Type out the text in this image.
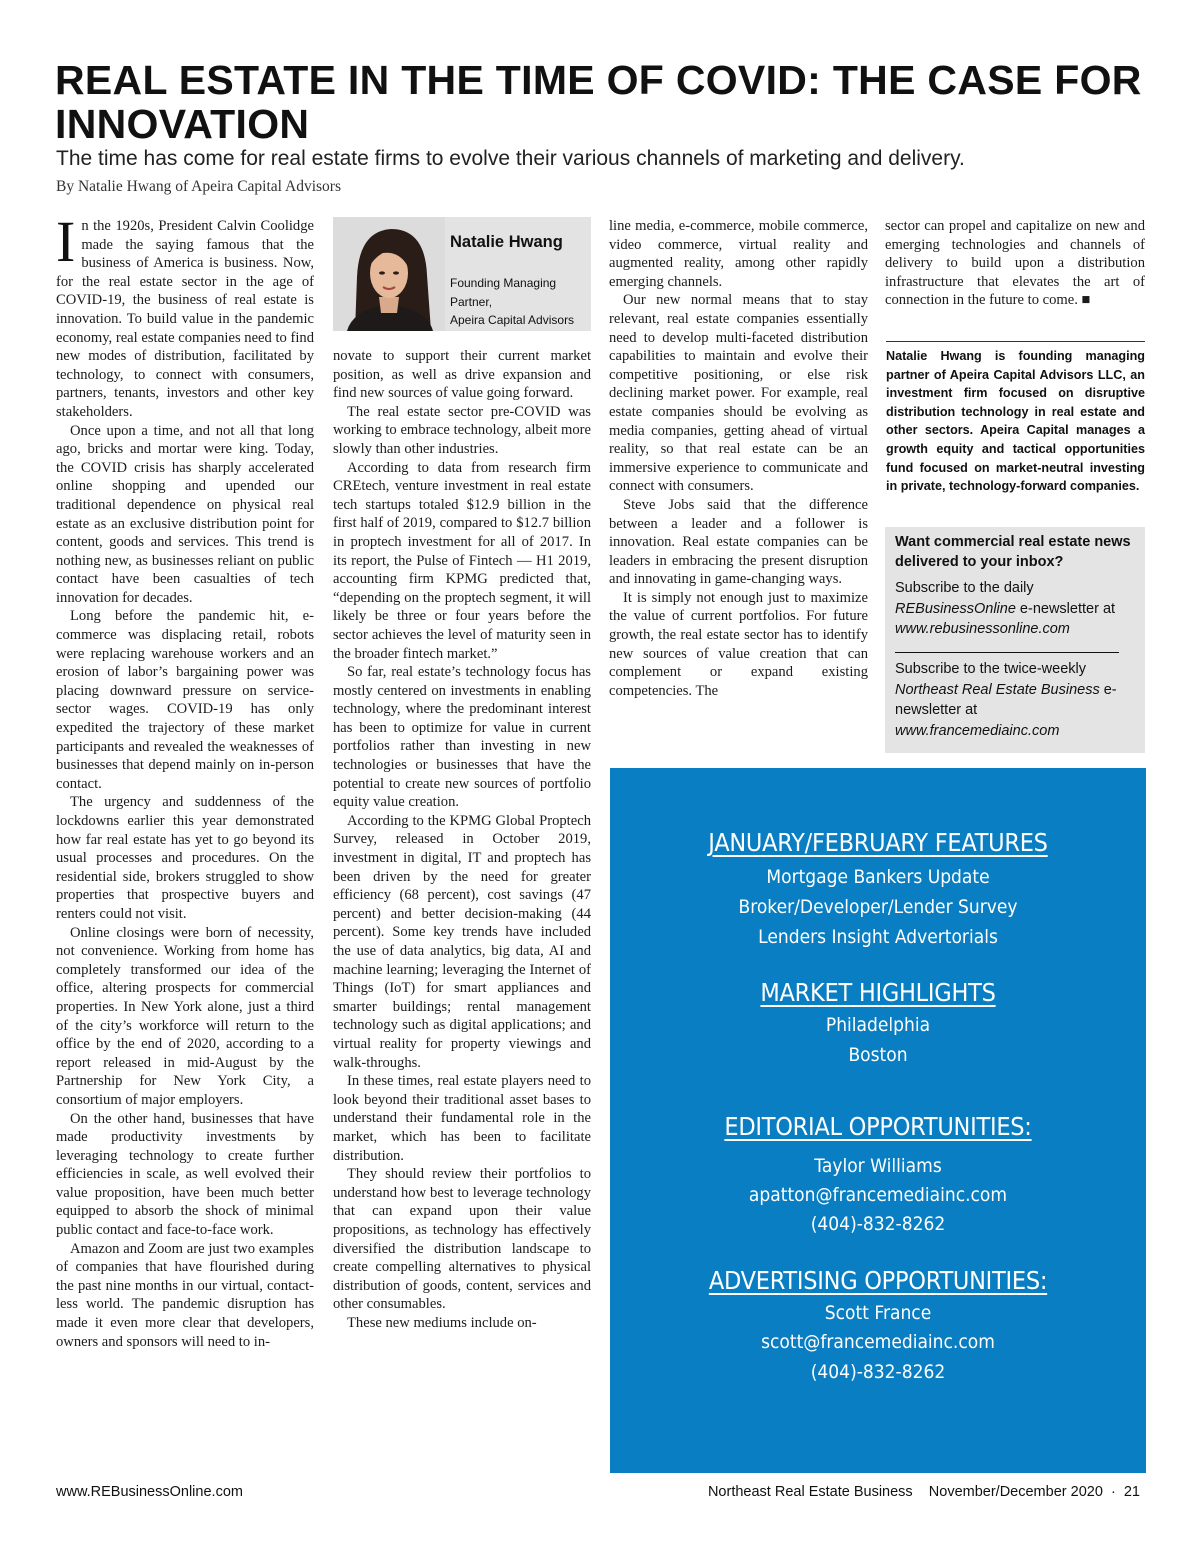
REAL ESTATE IN THE TIME OF COVID: THE CASE FOR INNOVATION
The time has come for real estate firms to evolve their various channels of marketing and delivery.
By Natalie Hwang of Apeira Capital Advisors

In the 1920s, President Calvin Coolidge made the saying famous that the business of America is business. Now, for the real estate sector in the age of COVID-19, the business of real estate is innovation. To build value in the pandemic economy, real estate companies need to find new modes of distribution, facilitated by technology, to connect with consumers, partners, tenants, investors and other key stakeholders.

Once upon a time, and not all that long ago, bricks and mortar were king. Today, the COVID crisis has sharply accelerated online shopping and upended our traditional dependence on physical real estate as an exclusive distribution point for content, goods and services. This trend is nothing new, as businesses reliant on public contact have been casualties of tech innovation for decades.

Long before the pandemic hit, e-commerce was displacing retail, robots were replacing warehouse workers and an erosion of labor’s bargaining power was placing downward pressure on service-sector wages. COVID-19 has only expedited the trajectory of these market participants and revealed the weaknesses of businesses that depend mainly on in-person contact.

The urgency and suddenness of the lockdowns earlier this year demonstrated how far real estate has yet to go beyond its usual processes and procedures. On the residential side, brokers struggled to show properties that prospective buyers and renters could not visit.

Online closings were born of necessity, not convenience. Working from home has completely transformed our idea of the office, altering prospects for commercial properties. In New York alone, just a third of the city’s workforce will return to the office by the end of 2020, according to a report released in mid-August by the Partnership for New York City, a consortium of major employers.

On the other hand, businesses that have made productivity investments by leveraging technology to create further efficiencies in scale, as well evolved their value proposition, have been much better equipped to absorb the shock of minimal public contact and face-to-face work.

Amazon and Zoom are just two examples of companies that have flourished during the past nine months in our virtual, contact-less world. The pandemic disruption has made it even more clear that developers, owners and sponsors will need to in-

Natalie Hwang
Founding Managing
Partner,
Apeira Capital Advisors

novate to support their current market position, as well as drive expansion and find new sources of value going forward.

The real estate sector pre-COVID was working to embrace technology, albeit more slowly than other industries.

According to data from research firm CREtech, venture investment in real estate tech startups totaled $12.9 billion in the first half of 2019, compared to $12.7 billion in proptech investment for all of 2017. In its report, the Pulse of Fintech — H1 2019, accounting firm KPMG predicted that, “depending on the proptech segment, it will likely be three or four years before the sector achieves the level of maturity seen in the broader fintech market.”

So far, real estate’s technology focus has mostly centered on investments in enabling technology, where the predominant interest has been to optimize for value in current portfolios rather than investing in new technologies or businesses that have the potential to create new sources of portfolio equity value creation.

According to the KPMG Global Proptech Survey, released in October 2019, investment in digital, IT and proptech has been driven by the need for greater efficiency (68 percent), cost savings (47 percent) and better decision-making (44 percent). Some key trends have included the use of data analytics, big data, AI and machine learning; leveraging the Internet of Things (IoT) for smart appliances and smarter buildings; rental management technology such as digital applications; and virtual reality for property viewings and walk-throughs.

In these times, real estate players need to look beyond their traditional asset bases to understand their fundamental role in the market, which has been to facilitate distribution.

They should review their portfolios to understand how best to leverage technology that can expand upon their value propositions, as technology has effectively diversified the distribution landscape to create compelling alternatives to physical distribution of goods, content, services and other consumables.

These new mediums include on-

line media, e-commerce, mobile commerce, video commerce, virtual reality and augmented reality, among other rapidly emerging channels.

Our new normal means that to stay relevant, real estate companies essentially need to develop multi-faceted distribution capabilities to maintain and evolve their competitive positioning, or else risk declining market power. For example, real estate companies should be evolving as media companies, getting ahead of virtual reality, so that real estate can be an immersive experience to communicate and connect with consumers.

Steve Jobs said that the difference between a leader and a follower is innovation. Real estate companies can be leaders in embracing the present disruption and innovating in game-changing ways.

It is simply not enough just to maximize the value of current portfolios. For future growth, the real estate sector has to identify new sources of value creation that can complement or expand existing competencies. The

sector can propel and capitalize on new and emerging technologies and channels of delivery to build upon a distribution infrastructure that elevates the art of connection in the future to come. ■

Natalie Hwang is founding managing partner of Apeira Capital Advisors LLC, an investment firm focused on disruptive distribution technology in real estate and other sectors. Apeira Capital manages a growth equity and tactical opportunities fund focused on market-neutral investing in private, technology-forward companies.
Want commercial real estate news delivered to your inbox?
Subscribe to the daily REBusinessOnline e-newsletter at www.rebusinessonline.com
Subscribe to the twice-weekly Northeast Real Estate Business e-newsletter at www.francemediainc.com
JANUARY/FEBRUARY FEATURES
Mortgage Bankers Update
Broker/Developer/Lender Survey
Lenders Insight Advertorials
MARKET HIGHLIGHTS
Philadelphia
Boston
EDITORIAL OPPORTUNITIES:
Taylor Williams
apatton@francemediainc.com
(404)-832-8262
ADVERTISING OPPORTUNITIES:
Scott France
scott@francemediainc.com
(404)-832-8262
www.REBusinessOnline.com	Northeast Real Estate Business November/December 2020 · 21
